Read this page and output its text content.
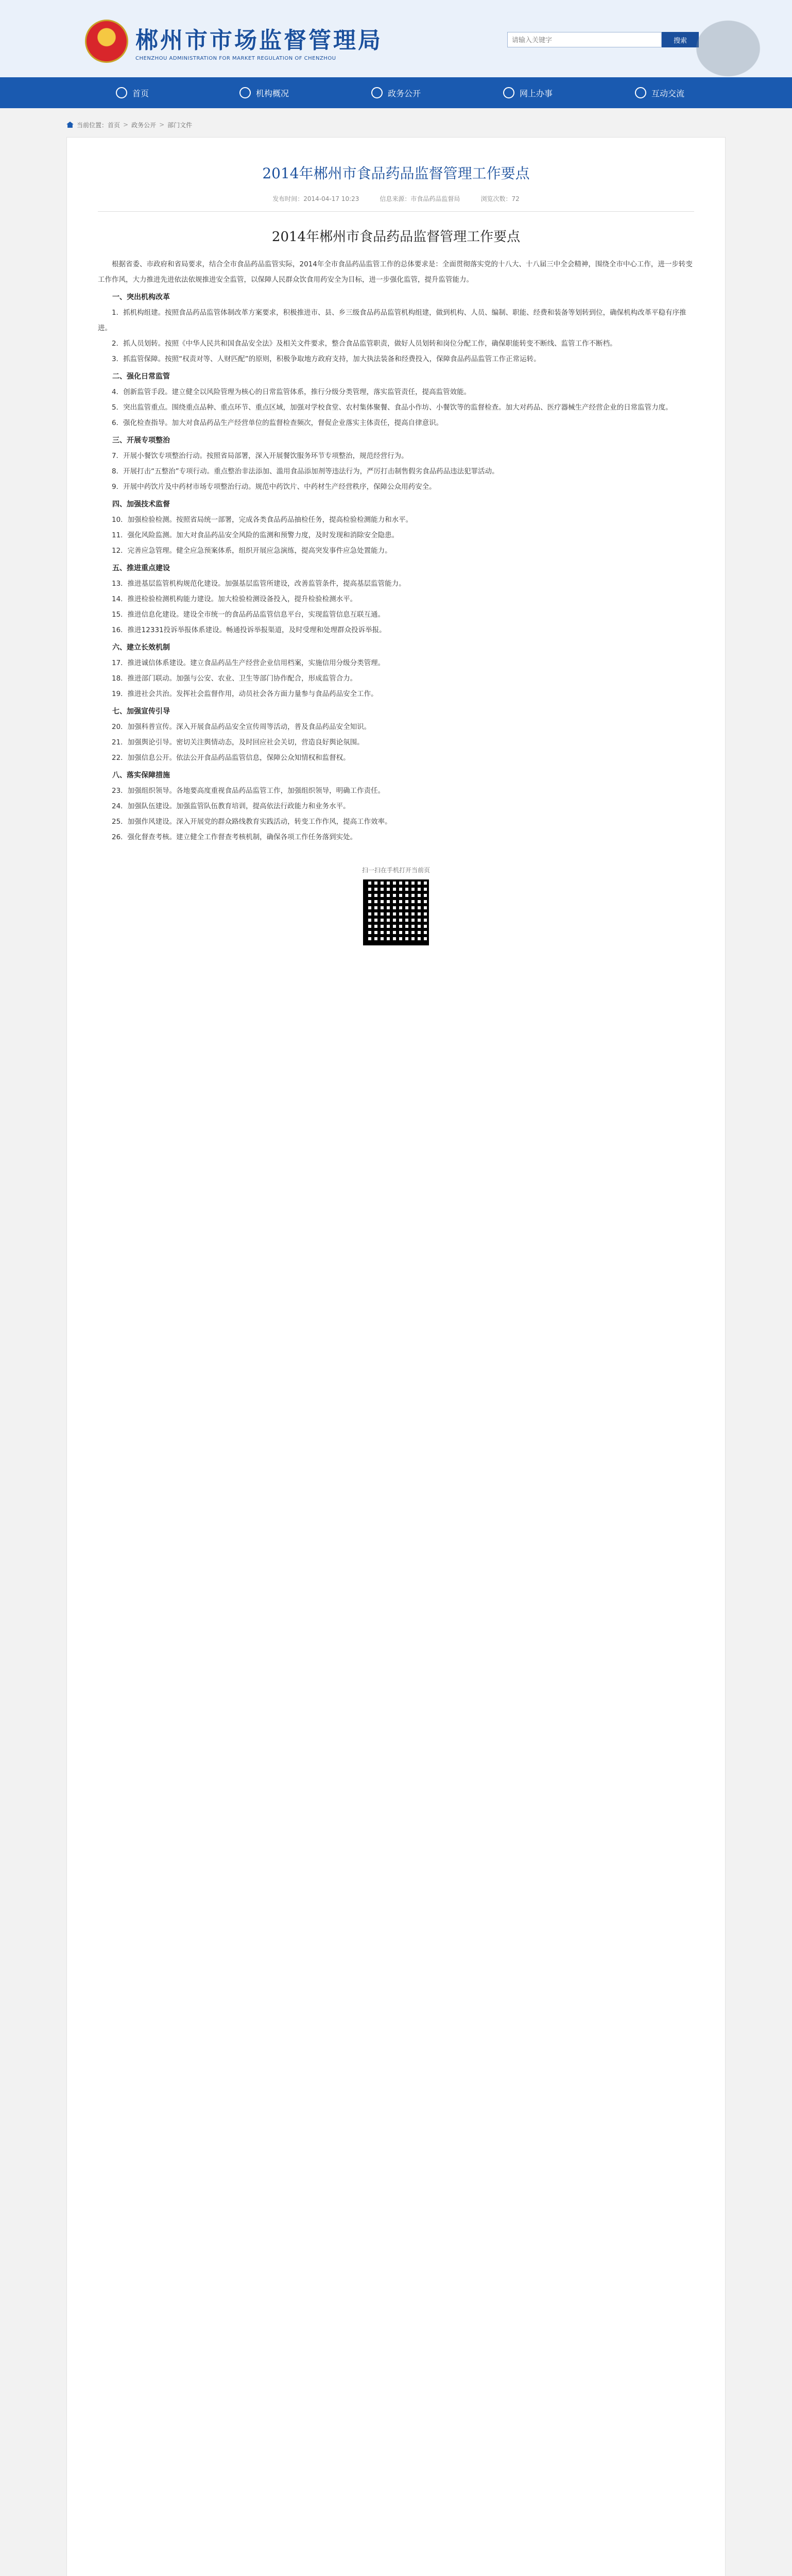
郴州市市场监督管理局
CHENZHOU ADMINISTRATION FOR MARKET REGULATION OF CHENZHOU
请输入关键字
搜索
首页	机构概况	政务公开	网上办事	互动交流
当前位置： 首页 > 政务公开 > 部门文件
2014年郴州市食品药品监督管理工作要点
发布时间：2014-04-17 10:23	信息来源：市食品药品监督局	浏览次数：72
2014年郴州市食品药品监督管理工作要点

根据省委、市政府和省局要求，结合全市食品药品监管实际，2014年全市食品药品监管工作的总体要求是：全面贯彻落实党的十八大、十八届三中全会精神，围绕全市中心工作，进一步转变工作作风，大力推进先进依法依规推进安全监管，以保障人民群众饮食用药安全为目标，进一步强化监管，提升监管能力。

一、突出机构改革

1．抓机构组建。按照食品药品监管体制改革方案要求，积极推进市、县、乡三级食品药品监管机构组建，做到机构、人员、编制、职能、经费和装备等划转到位，确保机构改革平稳有序推进。

2．抓人员划转。按照《中华人民共和国食品安全法》及相关文件要求，整合食品监管职责，做好人员划转和岗位分配工作，确保职能转变不断线、监管工作不断档。

3．抓监管保障。按照“权责对等、人财匹配”的原则，积极争取地方政府支持，加大执法装备和经费投入，保障食品药品监管工作正常运转。

二、强化日常监管

4．创新监管手段。建立健全以风险管理为核心的日常监管体系，推行分级分类管理，落实监管责任，提高监管效能。

5．突出监管重点。围绕重点品种、重点环节、重点区域，加强对学校食堂、农村集体聚餐、食品小作坊、小餐饮等的监督检查。加大对药品、医疗器械生产经营企业的日常监管力度。

6．强化检查指导。加大对食品药品生产经营单位的监督检查频次，督促企业落实主体责任，提高自律意识。

三、开展专项整治

7．开展小餐饮专项整治行动。按照省局部署，深入开展餐饮服务环节专项整治，规范经营行为。

8．开展打击“五整治”专项行动。重点整治非法添加、滥用食品添加剂等违法行为，严厉打击制售假劣食品药品违法犯罪活动。

9．开展中药饮片及中药材市场专项整治行动。规范中药饮片、中药材生产经营秩序，保障公众用药安全。

四、加强技术监督

10．加强检验检测。按照省局统一部署，完成各类食品药品抽检任务，提高检验检测能力和水平。

11．强化风险监测。加大对食品药品安全风险的监测和预警力度，及时发现和消除安全隐患。

12．完善应急管理。健全应急预案体系，组织开展应急演练，提高突发事件应急处置能力。

五、推进重点建设

13．推进基层监管机构规范化建设。加强基层监管所建设，改善监管条件，提高基层监管能力。

14．推进检验检测机构能力建设。加大检验检测设备投入，提升检验检测水平。

15．推进信息化建设。建设全市统一的食品药品监管信息平台，实现监管信息互联互通。

16．推进12331投诉举报体系建设。畅通投诉举报渠道，及时受理和处理群众投诉举报。

六、建立长效机制

17．推进诚信体系建设。建立食品药品生产经营企业信用档案，实施信用分级分类管理。

18．推进部门联动。加强与公安、农业、卫生等部门协作配合，形成监管合力。

19．推进社会共治。发挥社会监督作用，动员社会各方面力量参与食品药品安全工作。

七、加强宣传引导

20．加强科普宣传。深入开展食品药品安全宣传周等活动，普及食品药品安全知识。

21．加强舆论引导。密切关注舆情动态，及时回应社会关切，营造良好舆论氛围。

22．加强信息公开。依法公开食品药品监管信息，保障公众知情权和监督权。

八、落实保障措施

23．加强组织领导。各地要高度重视食品药品监管工作，加强组织领导，明确工作责任。

24．加强队伍建设。加强监管队伍教育培训，提高依法行政能力和业务水平。

25．加强作风建设。深入开展党的群众路线教育实践活动，转变工作作风，提高工作效率。

26．强化督查考核。建立健全工作督查考核机制，确保各项工作任务落到实处。

扫一扫在手机打开当前页
